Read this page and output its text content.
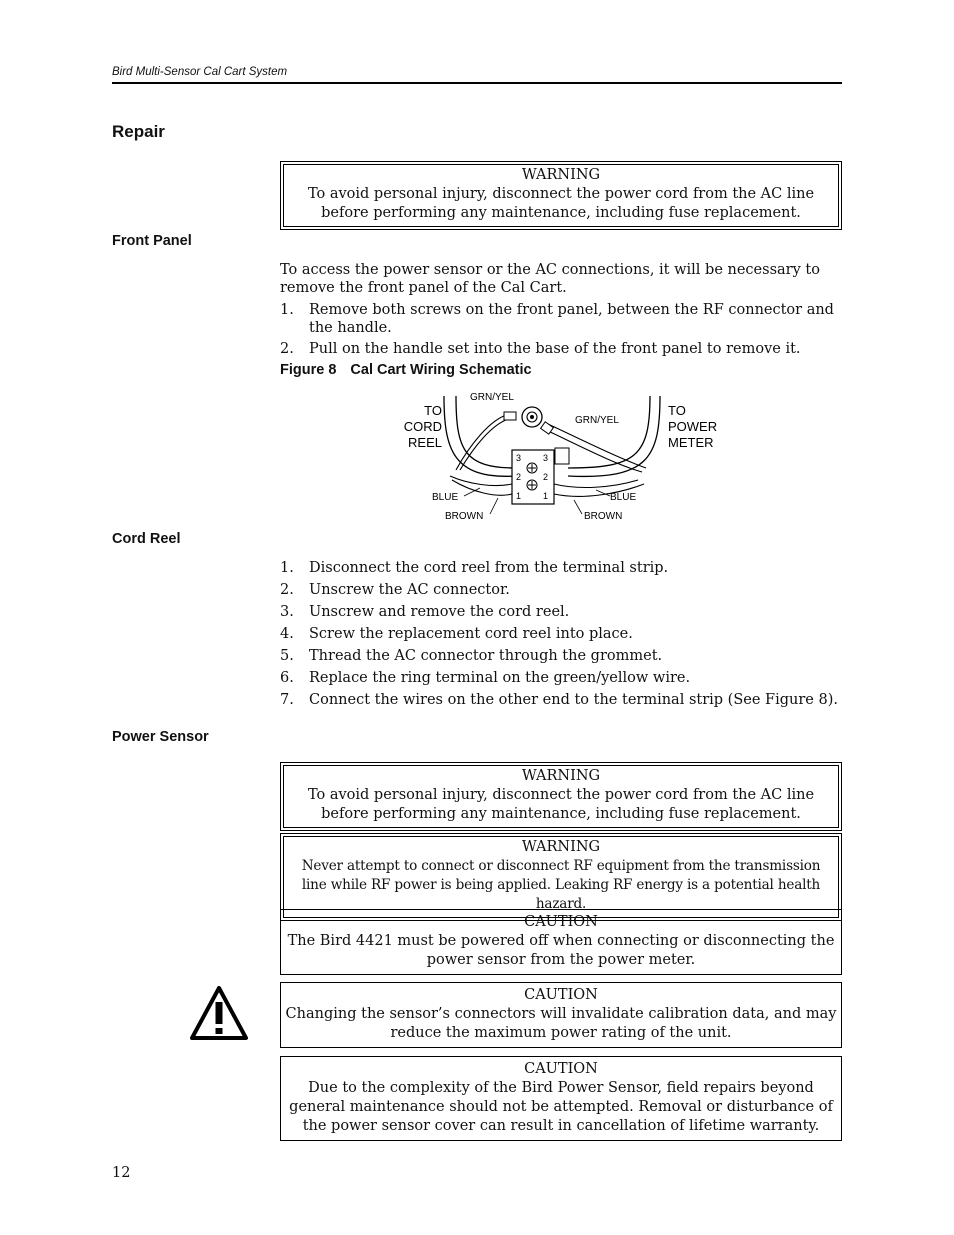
Bird Multi-Sensor Cal Cart System
Repair
WARNING
To avoid personal injury, disconnect the power cord from the AC line before performing any maintenance, including fuse replacement.
Front Panel
To access the power sensor or the AC connections, it will be necessary to remove the front panel of the Cal Cart.
1. Remove both screws on the front panel, between the RF connector and the handle.
2. Pull on the handle set into the base of the front panel to remove it.
Figure 8 Cal Cart Wiring Schematic
GRN/YEL
GRN/YEL
TO
CORD
REEL
TO
POWER
METER
BLUE	BLUE
BROWN	BROWN
3 3
2 2
1 1
Cord Reel
1. Disconnect the cord reel from the terminal strip.
2. Unscrew the AC connector.
3. Unscrew and remove the cord reel.
4. Screw the replacement cord reel into place.
5. Thread the AC connector through the grommet.
6. Replace the ring terminal on the green/yellow wire.
7. Connect the wires on the other end to the terminal strip (See Figure 8).
Power Sensor
WARNING
To avoid personal injury, disconnect the power cord from the AC line before performing any maintenance, including fuse replacement.
WARNING
Never attempt to connect or disconnect RF equipment from the transmission line while RF power is being applied. Leaking RF energy is a potential health hazard.
CAUTION
The Bird 4421 must be powered off when connecting or disconnecting the power sensor from the power meter.
CAUTION
Changing the sensor’s connectors will invalidate calibration data, and may reduce the maximum power rating of the unit.
CAUTION
Due to the complexity of the Bird Power Sensor, field repairs beyond general maintenance should not be attempted. Removal or disturbance of the power sensor cover can result in cancellation of lifetime warranty.
12
